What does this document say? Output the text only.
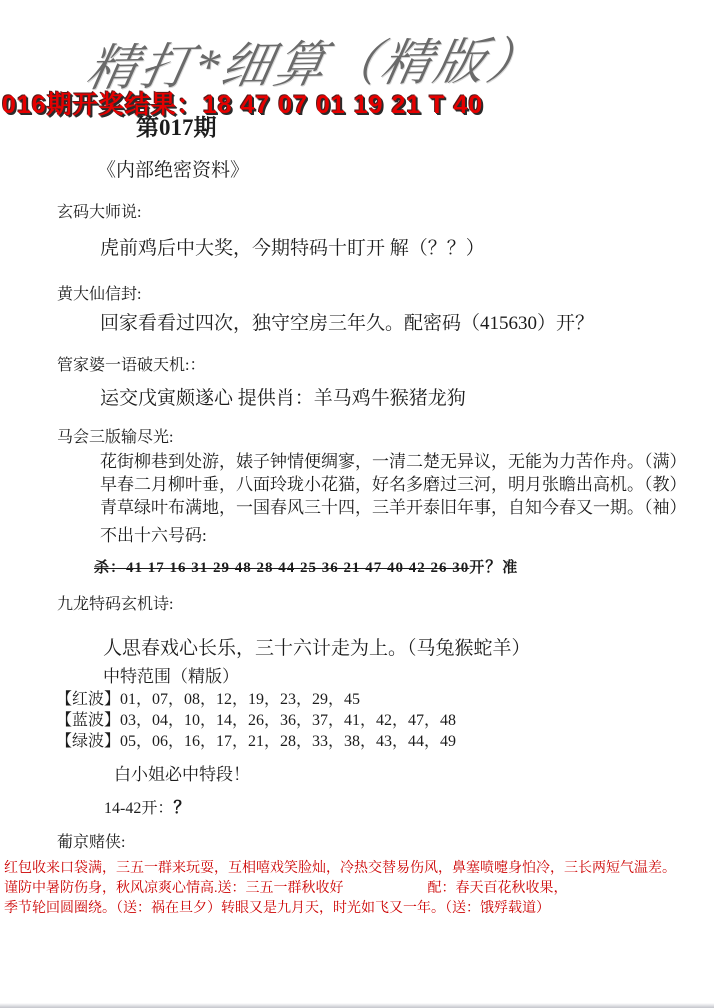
精打*细算（精版）
016期开奖结果：18 47 07 01 19 21 T 40
第017期
《内部绝密资料》
玄码大师说:
虎前鸡后中大奖，今期特码十盯开 解（？？）
黄大仙信封:
回家看看过四次，独守空房三年久。配密码（415630）开？
管家婆一语破天机:：
运交戊寅颇遂心 提供肖：羊马鸡牛猴猪龙狗
马会三版输尽光:
花街柳巷到处游，婊子钟情便绸寥，一清二楚无异议，无能为力苦作舟。（满）
早春二月柳叶垂，八面玲珑小花猫，好名多磨过三河，明月张瞻出高机。（教）
青草绿叶布满地，一国春风三十四，三羊开泰旧年事，自知今春又一期。（袖）
不出十六号码:
杀：41 17 16 31 29 48 28 44 25 36 21 47 40 42 26 30开？准
九龙特码玄机诗:
人思春戏心长乐，三十六计走为上。（马兔猴蛇羊）
中特范围（精版）
【红波】01，07，08，12，19，23，29，45
【蓝波】03，04，10，14，26，36，37，41，42，47，48
【绿波】05，06，16，17，21，28，33，38，43，44，49
白小姐必中特段！
14-42开：？
葡京赌侠:
红包收来口袋满，三五一群来玩耍，互相嘻戏笑脸灿，冷热交替易伤风，鼻塞喷嚏身怕冷，三长两短气温差。
谨防中暑防伤身，秋风凉爽心情高.送：三五一群秋收好　　　　　　配：春天百花秋收果，
季节轮回圆圈绕。（送：祸在旦夕）转眼又是九月天，时光如飞又一年。（送：饿殍载道）
